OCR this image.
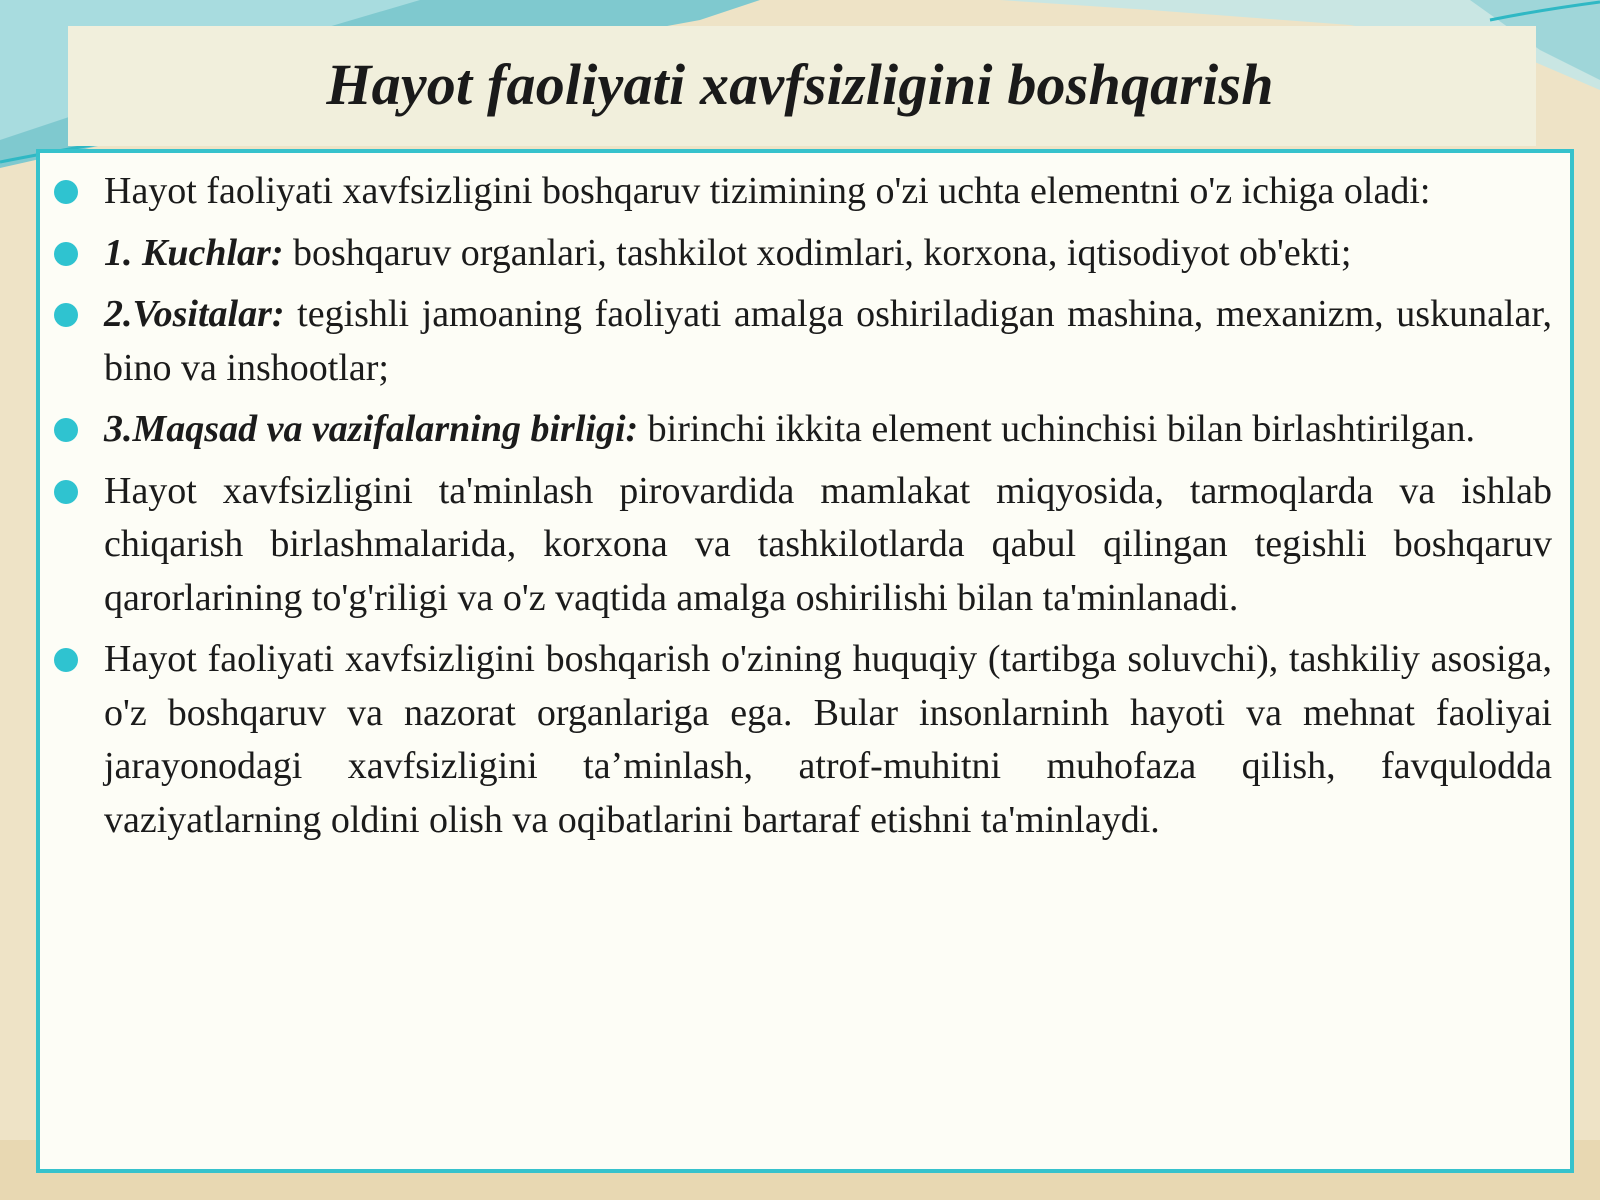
Hayot faoliyati xavfsizligini boshqarish
Hayot faoliyati xavfsizligini boshqaruv tizimining o'zi uchta elementni o'z ichiga oladi:
1. Kuchlar: boshqaruv organlari, tashkilot xodimlari, korxona, iqtisodiyot ob'ekti;
2.Vositalar: tegishli jamoaning faoliyati amalga oshiriladigan mashina, mexanizm, uskunalar, bino va inshootlar;
3.Maqsad va vazifalarning birligi: birinchi ikkita element uchinchisi bilan birlashtirilgan.
Hayot xavfsizligini ta'minlash pirovardida mamlakat miqyosida, tarmoqlarda va ishlab chiqarish birlashmalarida, korxona va tashkilotlarda qabul qilingan tegishli boshqaruv qarorlarining to'g'riligi va o'z vaqtida amalga oshirilishi bilan ta'minlanadi.
Hayot faoliyati xavfsizligini boshqarish o'zining huquqiy (tartibga soluvchi), tashkiliy asosiga, o'z boshqaruv va nazorat organlariga ega. Bular insonlarninh hayoti va mehnat faoliyai jarayonodagi xavfsizligini ta’minlash, atrof-muhitni muhofaza qilish, favqulodda vaziyatlarning oldini olish va oqibatlarini bartaraf etishni ta'minlaydi.
